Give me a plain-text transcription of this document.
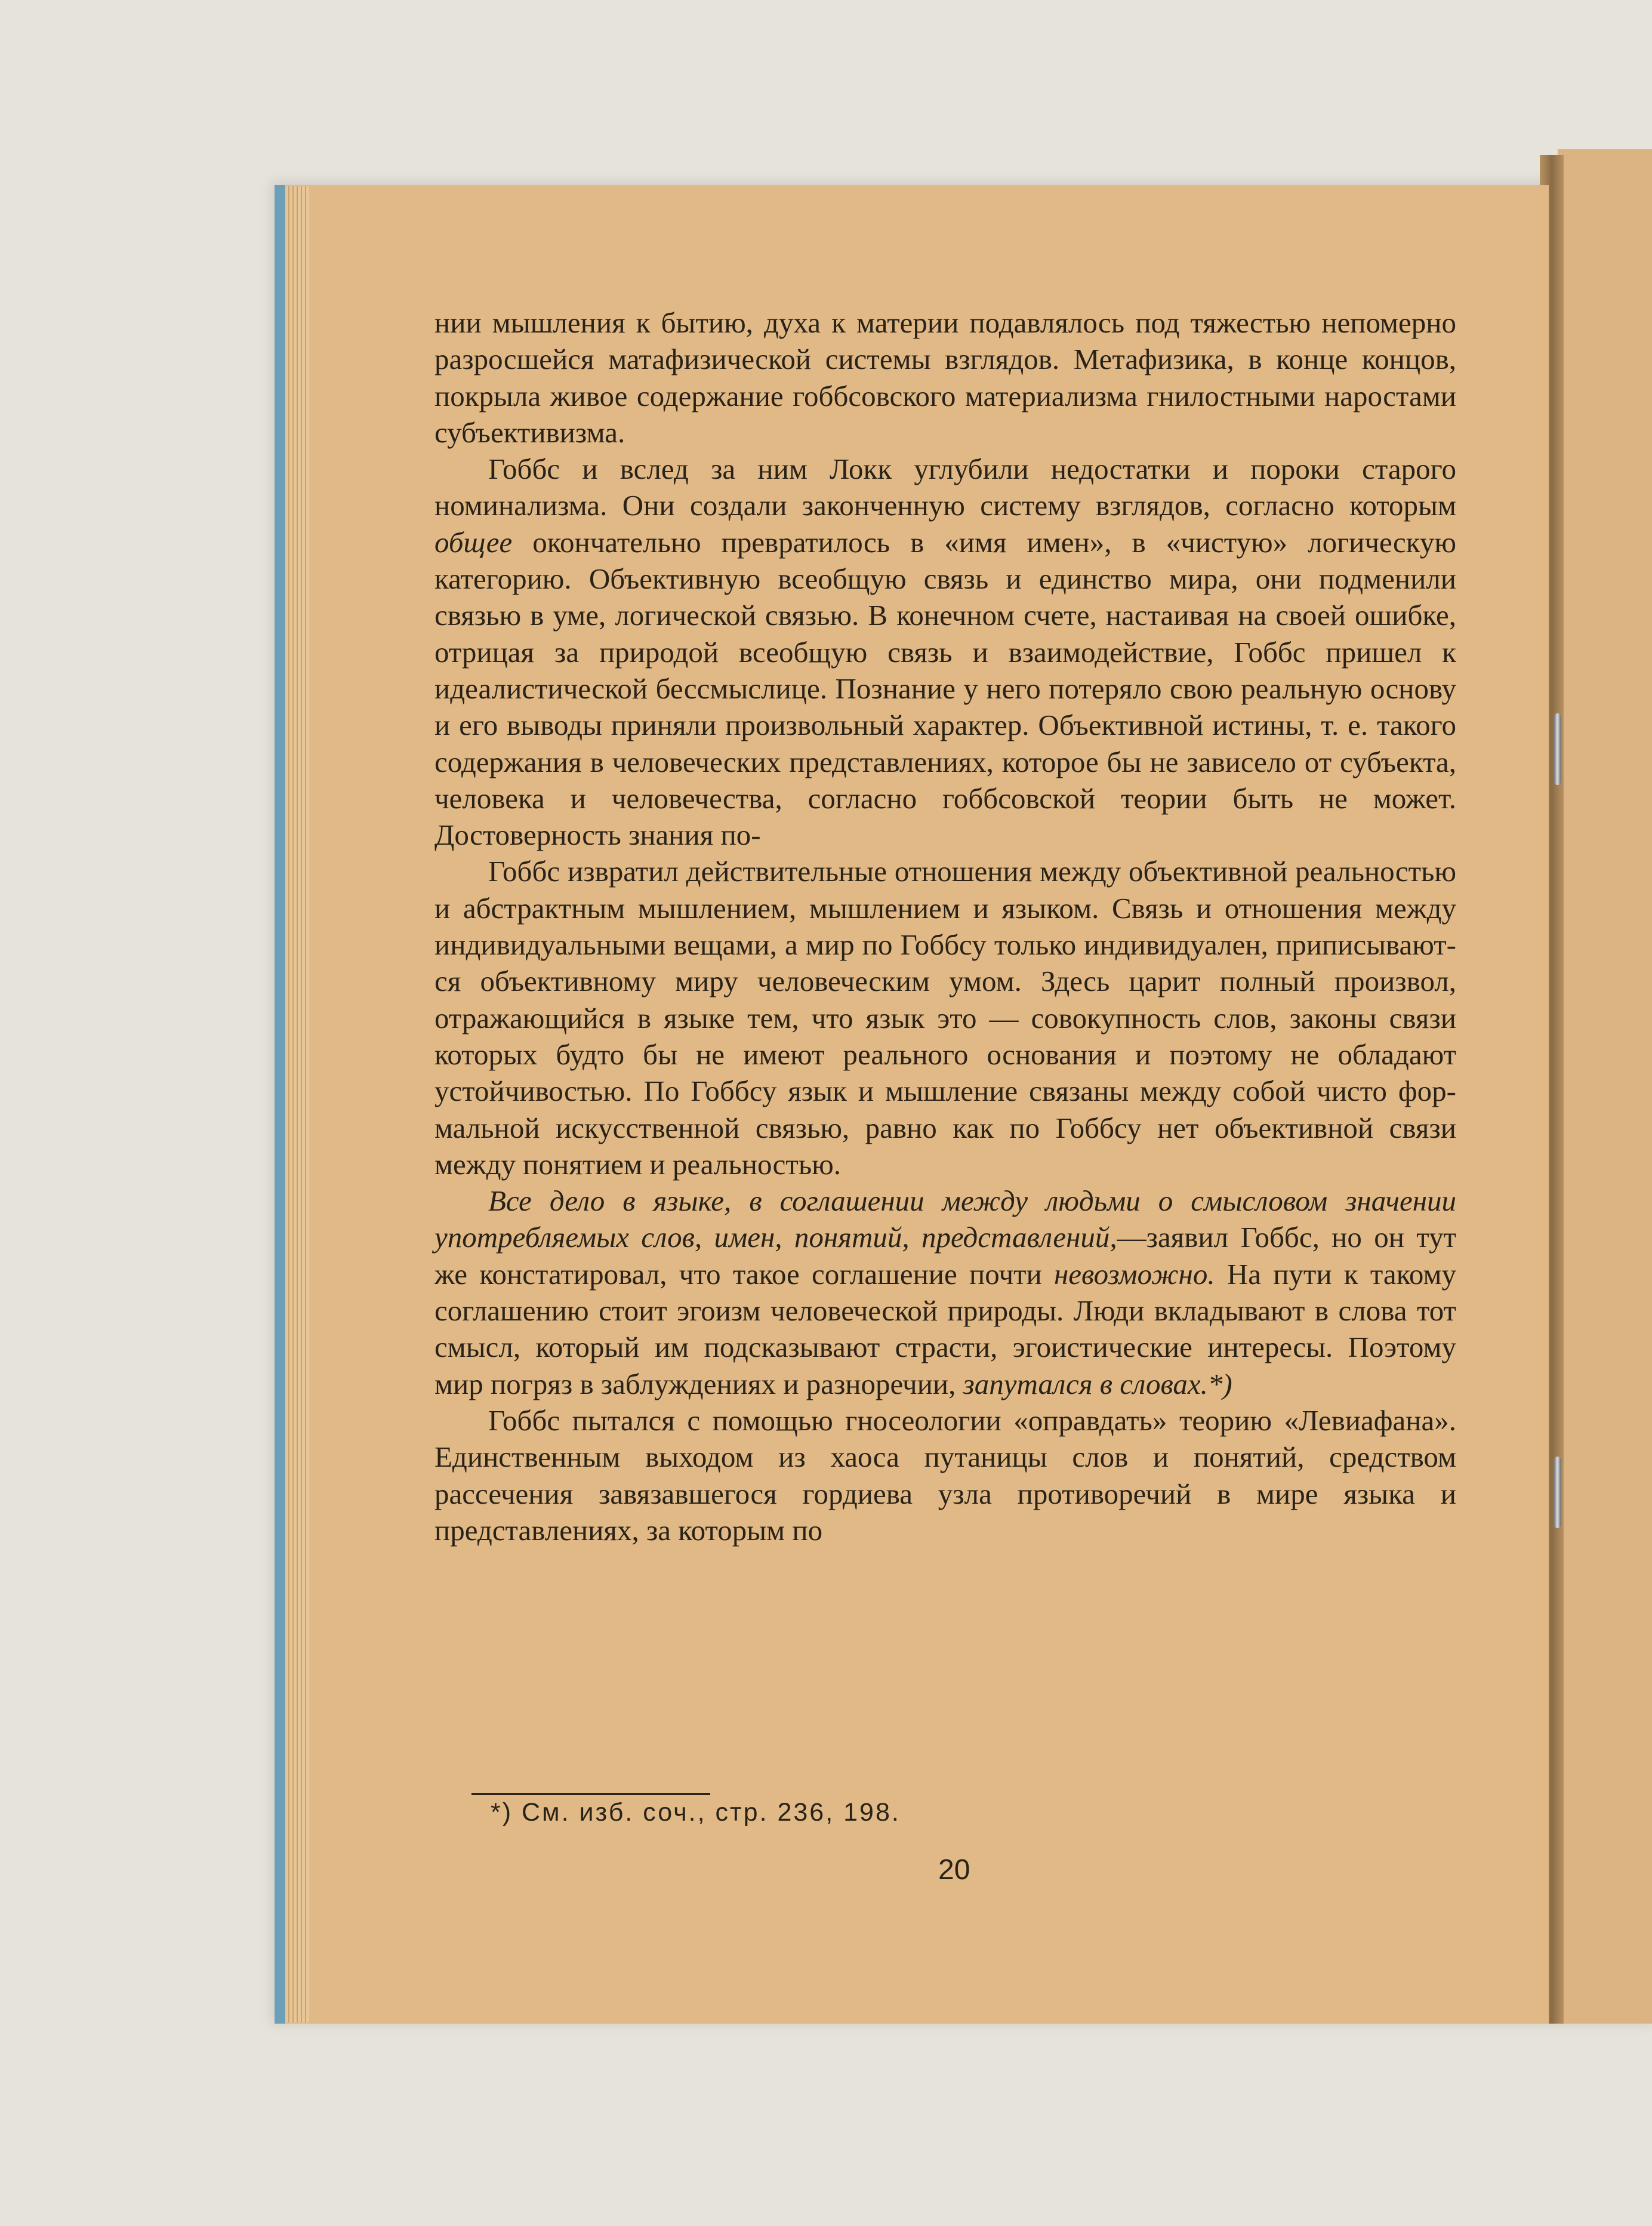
нии мышления к бытию, духа к материи подавлялось под тяжестью непомерно разросшейся матафизической системы взглядов. Метафизика, в конце концов, покрыла живое содержание гоббсовского материализма гнилостными наростами субъективизма.

Гоббс и вслед за ним Локк углубили недостатки и пороки старого номинализма. Они создали законченную систему взглядов, согласно которым общее окончательно превратилось в «имя имен», в «чистую» логическую категорию. Объективную всеобщую связь и единство мира, они подменили связью в уме, логической связью. В конечном счете, настаивая на своей ошибке, отрицая за природой всеобщую связь и взаимодействие, Гоббс пришел к идеалистической бессмыслице. Познание у него потеряло свою реальную основу и его выводы приняли произвольный характер. Объективной истины, т. е. такого содержания в человеческих представлениях, которое бы не зависело от субъекта, человека и человечества, согласно гоббсовской теории быть не может. Достоверность знания по-

Гоббс извратил действительные отношения между объективной реальностью и абстрактным мышлением, мышлением и языком. Связь и отношения между индивидуальными вещами, а мир по Гоббсу только индивидуален, приписываются объективному миру человеческим умом. Здесь царит полный произвол, отражающийся в языке тем, что язык это — совокупность слов, законы связи которых будто бы не имеют реального основания и поэтому не обладают устойчивостью. По Гоббсу язык и мышление связаны между собой чисто формальной искусственной связью, равно как по Гоббсу нет объективной связи между понятием и реальностью.

Все дело в языке, в соглашении между людьми о смысловом значении употребляемых слов, имен, понятий, представлений,—заявил Гоббс, но он тут же констатировал, что такое соглашение почти невозможно. На пути к такому соглашению стоит эгоизм человеческой природы. Люди вкладывают в слова тот смысл, который им подсказывают страсти, эгоистические интересы. Поэтому мир погряз в заблуждениях и разноречии, запутался в словах.*)

Гоббс пытался с помощью гносеологии «оправдать» теорию «Левиафана». Единственным выходом из хаоса путаницы слов и понятий, средством рассечения завязавшегося гордиева узла противоречий в мире языка и представлениях, за которым по

*) См. изб. соч., стр. 236, 198.
20
